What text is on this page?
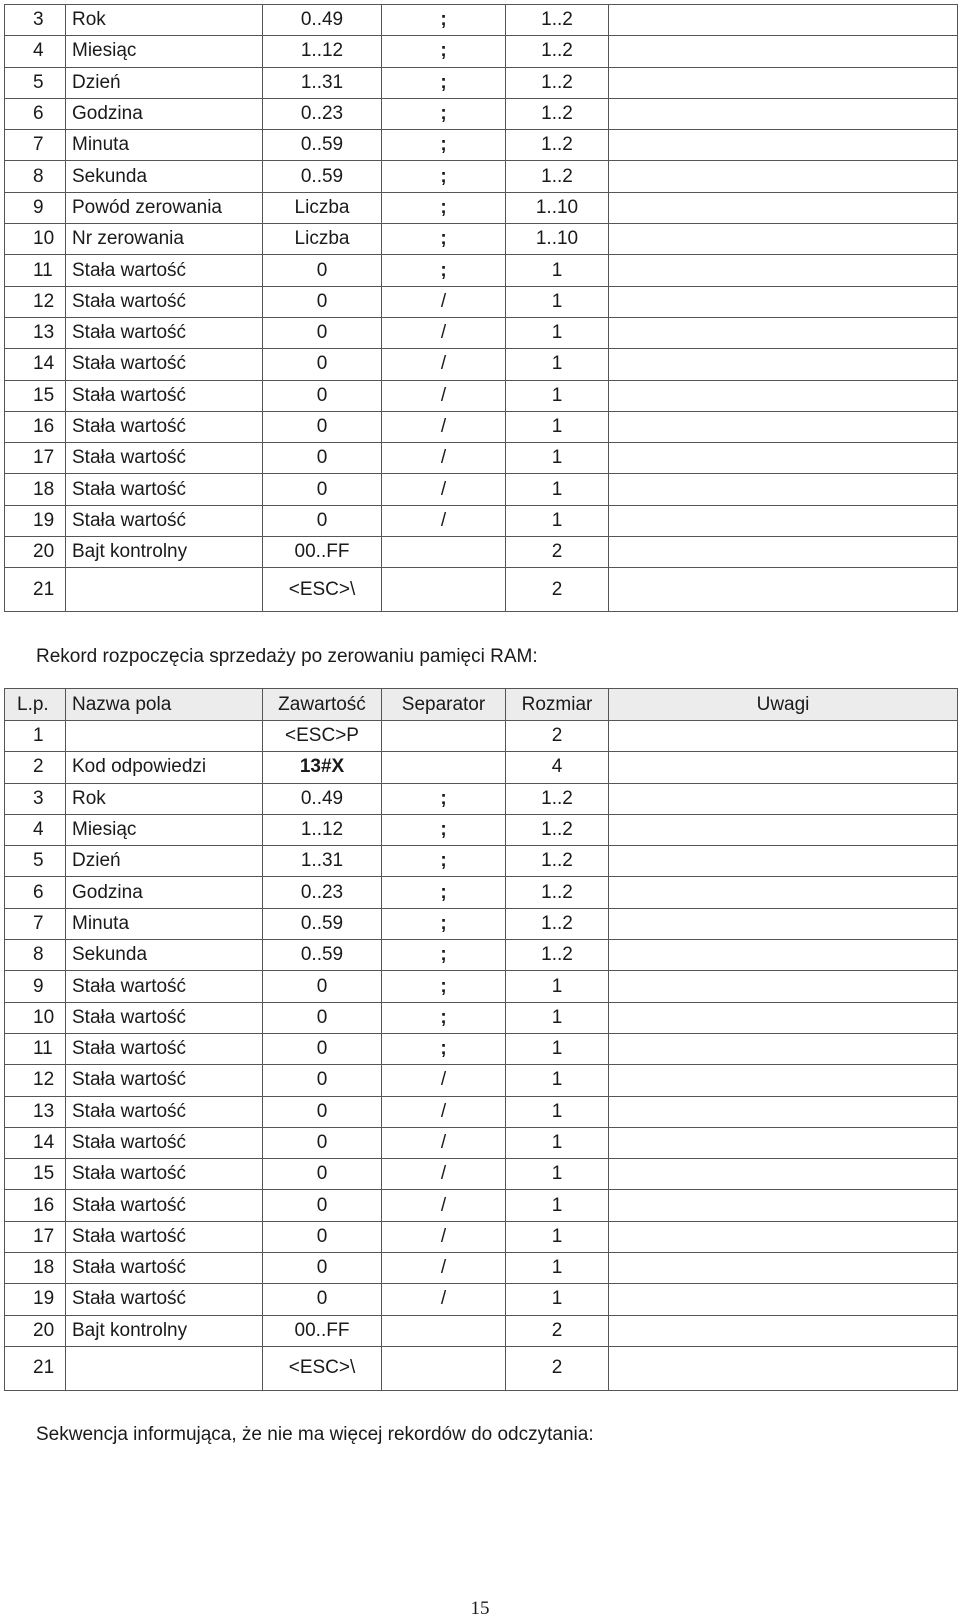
3	Rok	0..49	;	1..2	
4	Miesiąc	1..12	;	1..2	
5	Dzień	1..31	;	1..2	
6	Godzina	0..23	;	1..2	
7	Minuta	0..59	;	1..2	
8	Sekunda	0..59	;	1..2	
9	Powód zerowania	Liczba	;	1..10	
10	Nr zerowania	Liczba	;	1..10	
11	Stała wartość	0	;	1	
12	Stała wartość	0	/	1	
13	Stała wartość	0	/	1	
14	Stała wartość	0	/	1	
15	Stała wartość	0	/	1	
16	Stała wartość	0	/	1	
17	Stała wartość	0	/	1	
18	Stała wartość	0	/	1	
19	Stała wartość	0	/	1	
20	Bajt kontrolny	00..FF		2	
21		<ESC>\		2	
Rekord rozpoczęcia sprzedaży po zerowaniu pamięci RAM:
L.p.	Nazwa pola	Zawartość	Separator	Rozmiar	Uwagi
1		<ESC>P		2	
2	Kod odpowiedzi	13#X		4	
3	Rok	0..49	;	1..2	
4	Miesiąc	1..12	;	1..2	
5	Dzień	1..31	;	1..2	
6	Godzina	0..23	;	1..2	
7	Minuta	0..59	;	1..2	
8	Sekunda	0..59	;	1..2	
9	Stała wartość	0	;	1	
10	Stała wartość	0	;	1	
11	Stała wartość	0	;	1	
12	Stała wartość	0	/	1	
13	Stała wartość	0	/	1	
14	Stała wartość	0	/	1	
15	Stała wartość	0	/	1	
16	Stała wartość	0	/	1	
17	Stała wartość	0	/	1	
18	Stała wartość	0	/	1	
19	Stała wartość	0	/	1	
20	Bajt kontrolny	00..FF		2	
21		<ESC>\		2	
Sekwencja informująca, że nie ma więcej rekordów do odczytania:
15
